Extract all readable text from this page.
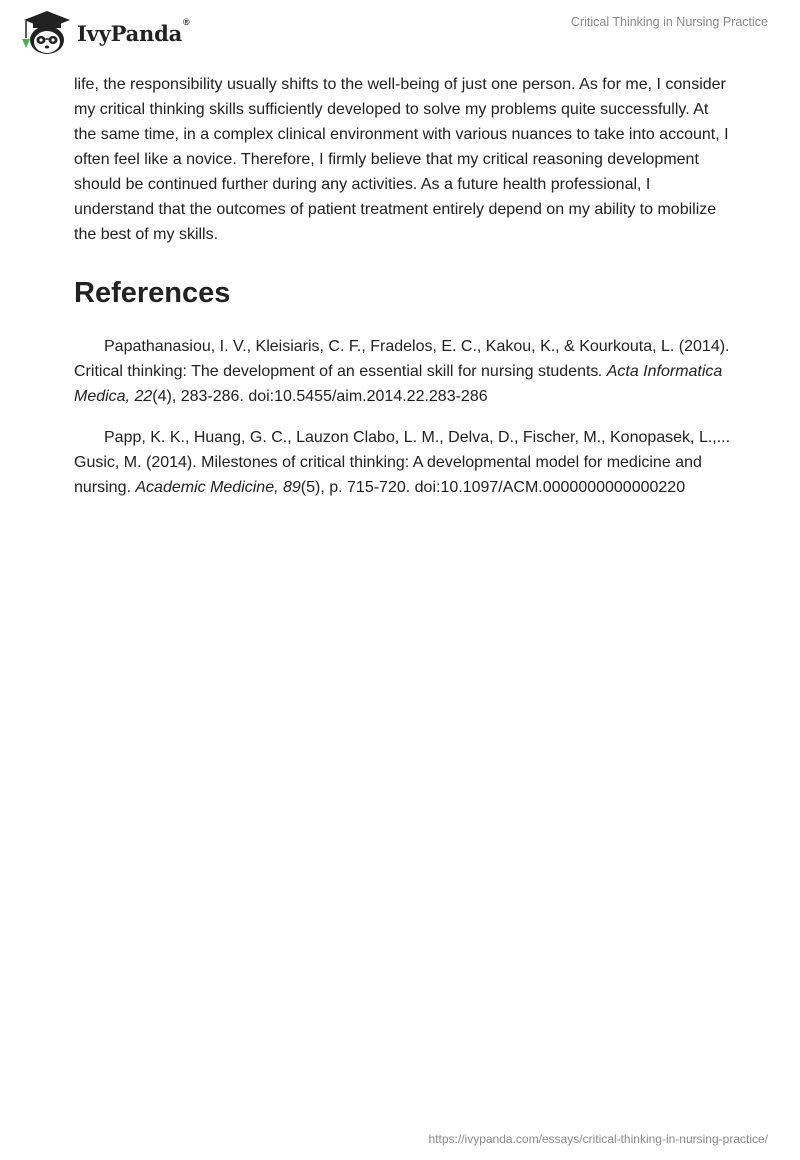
IvyPanda®	Critical Thinking in Nursing Practice

life, the responsibility usually shifts to the well-being of just one person. As for me, I consider my critical thinking skills sufficiently developed to solve my problems quite successfully. At the same time, in a complex clinical environment with various nuances to take into account, I often feel like a novice. Therefore, I firmly believe that my critical reasoning development should be continued further during any activities. As a future health professional, I understand that the outcomes of patient treatment entirely depend on my ability to mobilize the best of my skills.

References

Papathanasiou, I. V., Kleisiaris, C. F., Fradelos, E. C., Kakou, K., & Kourkouta, L. (2014). Critical thinking: The development of an essential skill for nursing students. Acta Informatica Medica, 22(4), 283-286. doi:10.5455/aim.2014.22.283-286

Papp, K. K., Huang, G. C., Lauzon Clabo, L. M., Delva, D., Fischer, M., Konopasek, L.,... Gusic, M. (2014). Milestones of critical thinking: A developmental model for medicine and nursing. Academic Medicine, 89(5), p. 715-720. doi:10.1097/ACM.0000000000000220

https://ivypanda.com/essays/critical-thinking-in-nursing-practice/
